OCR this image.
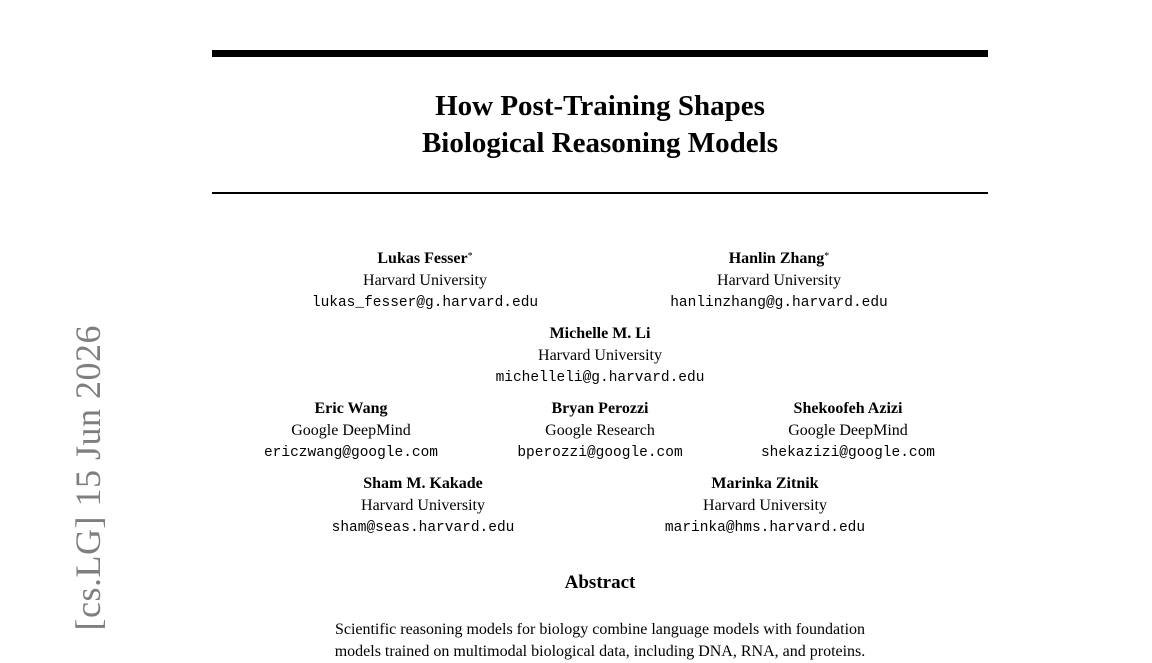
[cs.LG] 15 Jun 2026
How Post-Training Shapes
Biological Reasoning Models
Lukas Fesser*
Harvard University
lukas_fesser@g.harvard.edu
Hanlin Zhang*
Harvard University
hanlinzhang@g.harvard.edu
Michelle M. Li
Harvard University
michelleli@g.harvard.edu
Eric Wang
Google DeepMind
ericzwang@google.com
Bryan Perozzi
Google Research
bperozzi@google.com
Shekoofeh Azizi
Google DeepMind
shekazizi@google.com
Sham M. Kakade
Harvard University
sham@seas.harvard.edu
Marinka Zitnik
Harvard University
marinka@hms.harvard.edu
Abstract
Scientific reasoning models for biology combine language models with foundation
models trained on multimodal biological data, including DNA, RNA, and proteins.
